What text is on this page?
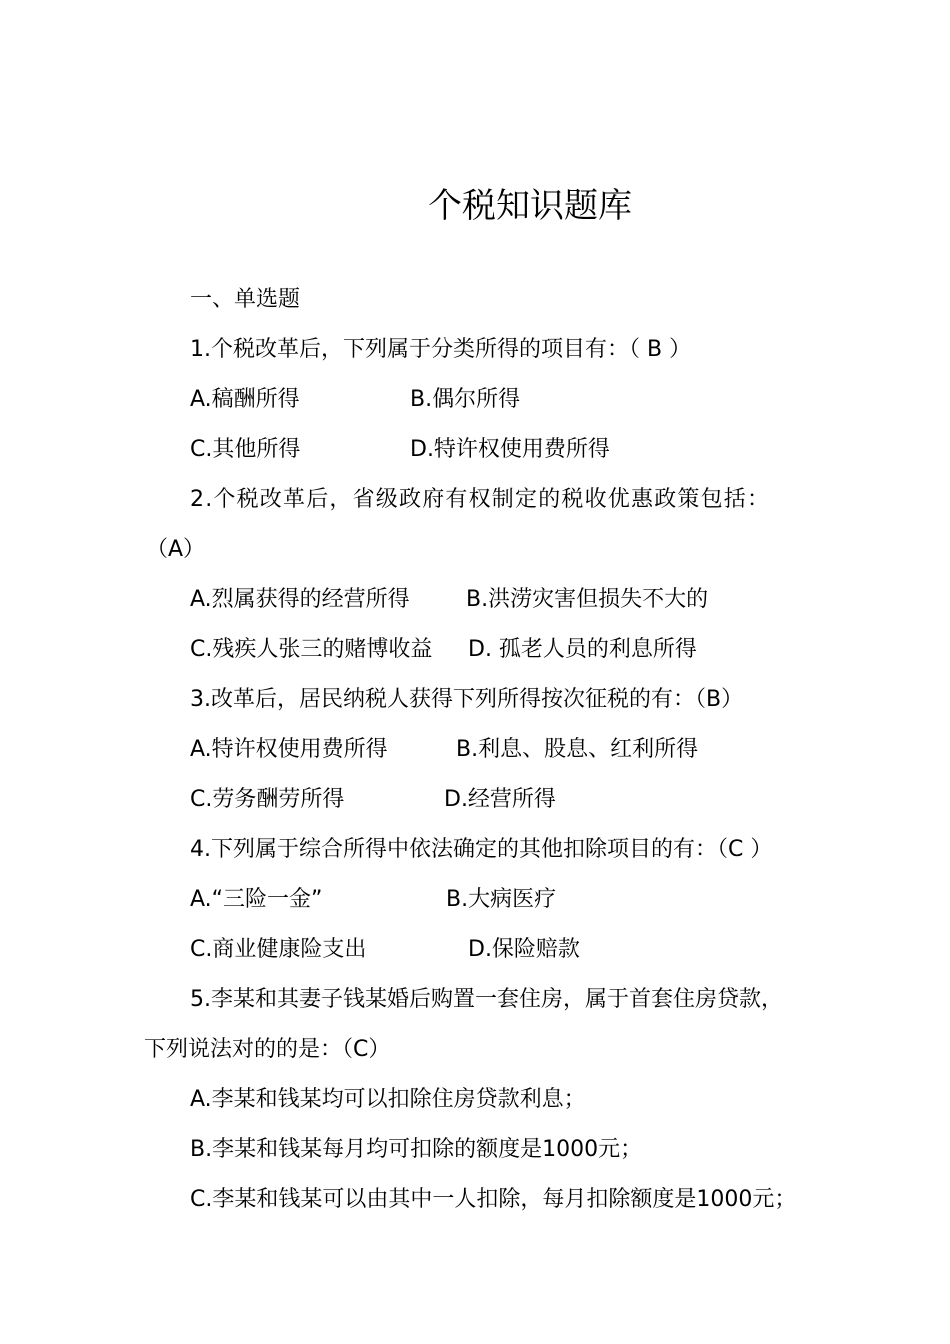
个税知识题库
一、单选题
1.个税改革后，下列属于分类所得的项目有：（ B ）
A.稿酬所得	B.偶尔所得
C.其他所得	D.特许权使用费所得
2.个税改革后，省级政府有权制定的税收优惠政策包括：
（A）
A.烈属获得的经营所得	B.洪涝灾害但损失不大的
C.残疾人张三的赌博收益 D. 孤老人员的利息所得
3.改革后，居民纳税人获得下列所得按次征税的有：（B）
A.特许权使用费所得	B.利息、股息、红利所得
C.劳务酬劳所得	D.经营所得
4.下列属于综合所得中依法确定的其他扣除项目的有：（C ）
A.“三险一金”	B.大病医疗
C.商业健康险支出	D.保险赔款
5.李某和其妻子钱某婚后购置一套住房，属于首套住房贷款，
下列说法对的的是：（C）
A.李某和钱某均可以扣除住房贷款利息；
B.李某和钱某每月均可扣除的额度是1000元；
C.李某和钱某可以由其中一人扣除，每月扣除额度是1000元；
